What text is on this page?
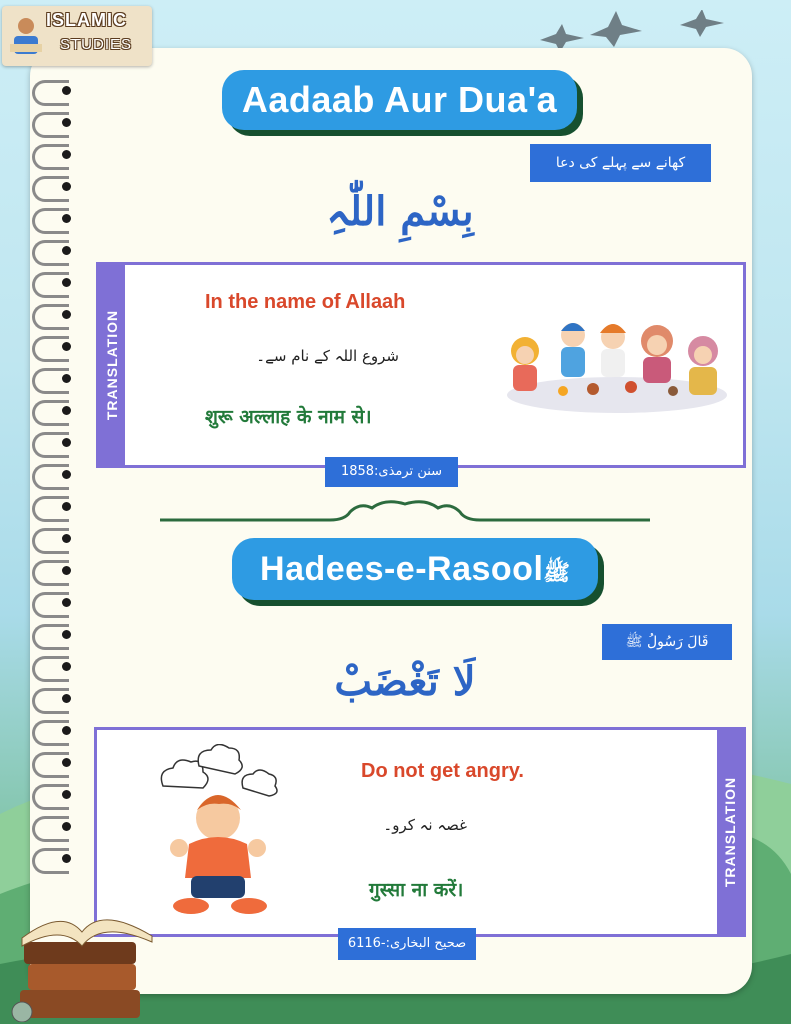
ISLAMIC
STUDIES
Aadaab Aur Dua'a
کھانے سے پہلے کی دعا
بِسْمِ اللّٰہِ
TRANSLATION
In the name of Allaah
شروع اللہ کے نام سے۔
शुरू अल्लाह के नाम से।
سنن ترمذی:1858
Hadees-e-Rasoolﷺ
قَالَ رَسُولُ ﷺ
لَا تَغْضَبْ
TRANSLATION
Do not get angry.
غصہ نہ کرو۔
गुस्सा ना करें।
صحیح البخاری:-6116
